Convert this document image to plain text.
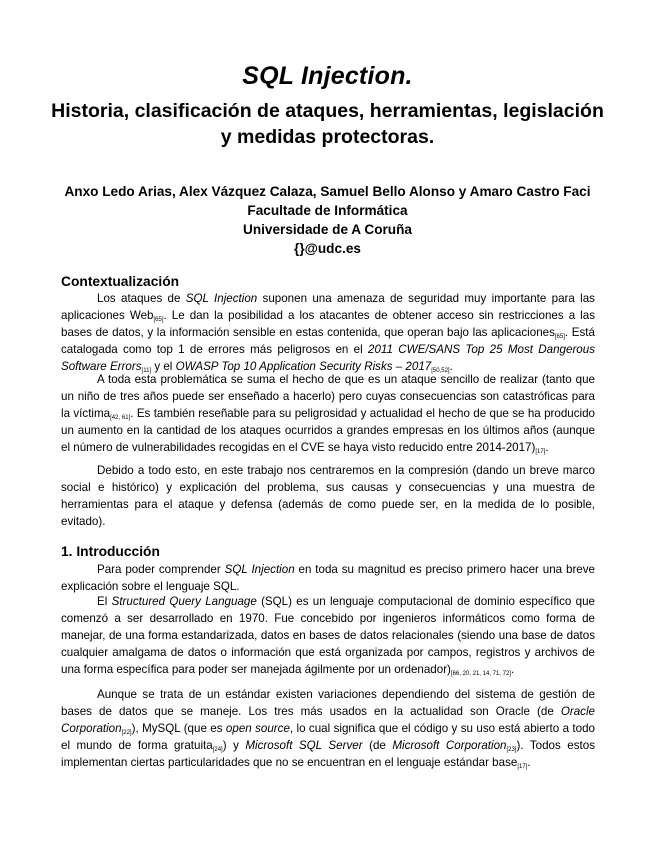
SQL Injection.
Historia, clasificación de ataques, herramientas, legislación
y medidas protectoras.
Anxo Ledo Arias, Alex Vázquez Calaza, Samuel Bello Alonso y Amaro Castro Faci
Facultade de Informática
Universidade de A Coruña
{}@udc.es
Contextualización
Los ataques de SQL Injection suponen una amenaza de seguridad muy importante para las aplicaciones Web$_{[65]}$. Le dan la posibilidad a los atacantes de obtener acceso sin restricciones a las bases de datos, y la información sensible en estas contenida, que operan bajo las aplicaciones$_{[65]}$. Está catalogada como top 1 de errores más peligrosos en el 2011 CWE/SANS Top 25 Most Dangerous Software Errors$_{[11]}$ y el OWASP Top 10 Application Security Risks – $2017_{[50,52]}$.
A toda esta problemática se suma el hecho de que es un ataque sencillo de realizar (tanto que un niño de tres años puede ser enseñado a hacerlo) pero cuyas consecuencias son catastróficas para la víctima$_{[42, 61]}$. Es también reseñable para su peligrosidad y actualidad el hecho de que se ha producido un aumento en la cantidad de los ataques ocurridos a grandes empresas en los últimos años (aunque el número de vulnerabilidades recogidas en el CVE se haya visto reducido entre $2014-2017)_{[17]}$.
Debido a todo esto, en este trabajo nos centraremos en la compresión (dando un breve marco social e histórico) y explicación del problema, sus causas y consecuencias y una muestra de herramientas para el ataque y defensa (además de como puede ser, en la medida de lo posible, evitado).
1. Introducción
Para poder comprender SQL Injection en toda su magnitud es preciso primero hacer una breve explicación sobre el lenguaje SQL.
El Structured Query Language (SQL) es un lenguaje computacional de dominio específico que comenzó a ser desarrollado en 1970. Fue concebido por ingenieros informáticos como forma de manejar, de una forma estandarizada, datos en bases de datos relacionales (siendo una base de datos cualquier amalgama de datos o información que está organizada por campos, registros y archivos de una forma específica para poder ser manejada ágilmente por un $ordenador)_{[66, 20, 21, 14, 71, 72]}$.
Aunque se trata de un estándar existen variaciones dependiendo del sistema de gestión de bases de datos que se maneje. Los tres más usados en la actualidad son Oracle (de Oracle Corporation$_{[22]}$), MySQL (que es open source, lo cual significa que el código y su uso está abierto a todo el mundo de forma gratuita$_{[24]}$) y Microsoft SQL Server (de Microsoft Corporation$_{[23]}$). Todos estos implementan ciertas particularidades que no se encuentran en el lenguaje estándar base$_{[17]}$.
